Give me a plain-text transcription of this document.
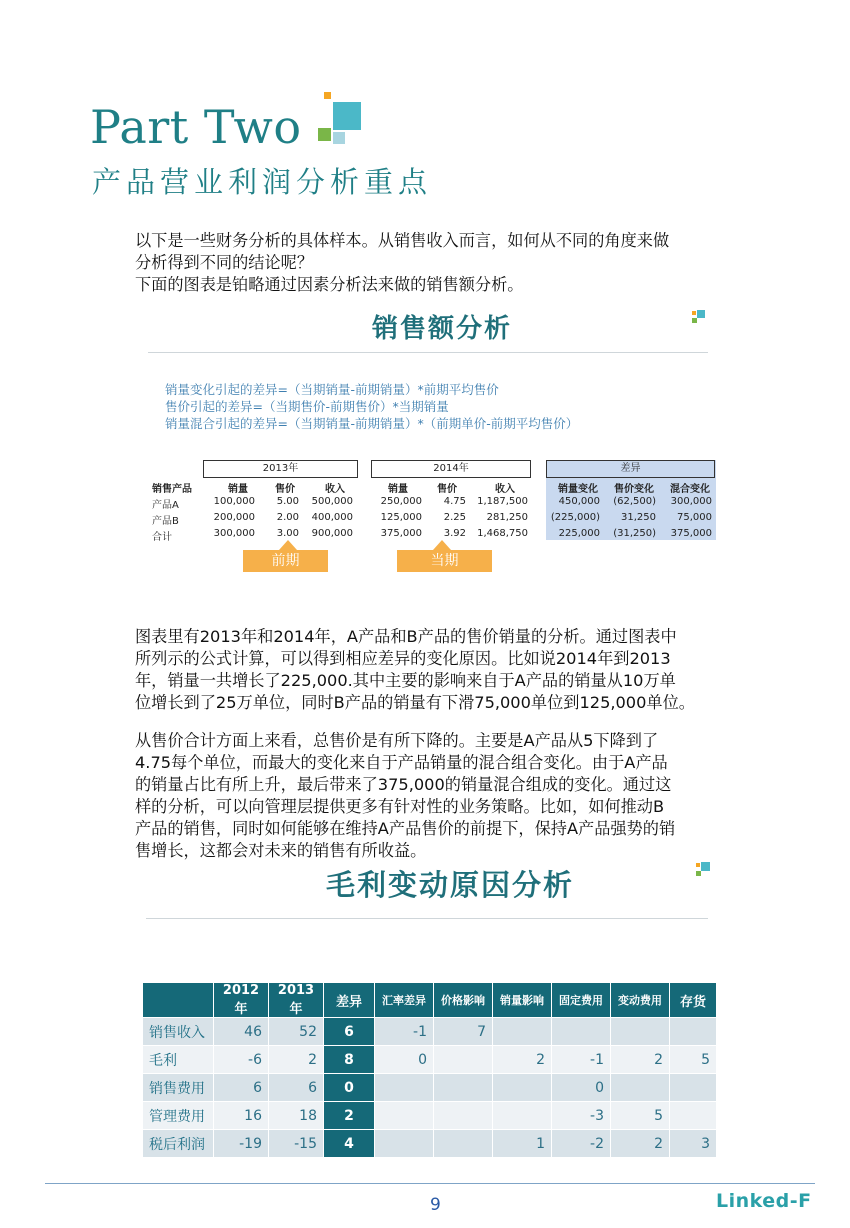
Part Two
产品营业利润分析重点
以下是一些财务分析的具体样本。从销售收入而言，如何从不同的角度来做
分析得到不同的结论呢？
下面的图表是铂略通过因素分析法来做的销售额分析。
销售额分析
销量变化引起的差异=（当期销量-前期销量）*前期平均售价
售价引起的差异=（当期售价-前期售价）*当期销量
销量混合引起的差异=（当期销量-前期销量）*（前期单价-前期平均售价）
2013年	2014年	差异
销售产品	销量	售价	收入	销量	售价	收入	销量变化	售价变化	混合变化
产品A	100,000	5.00	500,000	250,000	4.75 1,187,500	450,000	(62,500)	300,000
产品B	200,000	2.00	400,000	125,000	2.25	281,250 (225,000)	31,250	75,000
合计	300,000	3.00	900,000	375,000	3.92 1,468,750	225,000	(31,250)	375,000
前期	当期
图表里有2013年和2014年，A产品和B产品的售价销量的分析。通过图表中
所列示的公式计算，可以得到相应差异的变化原因。比如说2014年到2013
年，销量一共增长了225,000.其中主要的影响来自于A产品的销量从10万单
位增长到了25万单位，同时B产品的销量有下滑75,000单位到125,000单位。
从售价合计方面上来看，总售价是有所下降的。主要是A产品从5下降到了
4.75每个单位，而最大的变化来自于产品销量的混合组合变化。由于A产品
的销量占比有所上升，最后带来了375,000的销量混合组成的变化。通过这
样的分析，可以向管理层提供更多有针对性的业务策略。比如，如何推动B
产品的销售，同时如何能够在维持A产品售价的前提下，保持A产品强势的销
售增长，这都会对未来的销售有所收益。
毛利变动原因分析
	2012年	2013年	差异	汇率差异	价格影响	销量影响	固定费用	变动费用	存货
销售收入	46	52	6	-1	7				
毛利	-6	2	8	0		2	-1	2	5
销售费用	6	6	0				0		
管理费用	16	18	2				-3	5	
税后利润	-19	-15	4			1	-2	2	3
9	Linked-F
